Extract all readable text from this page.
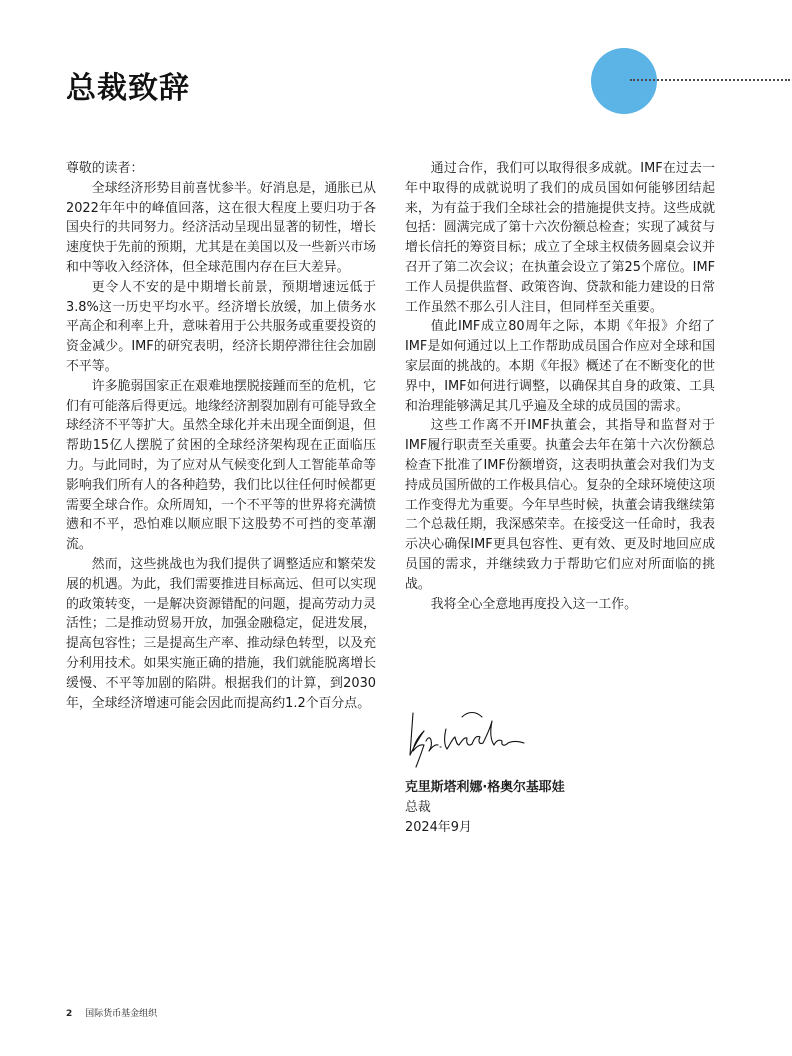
总裁致辞

尊敬的读者：

全球经济形势目前喜忧参半。好消息是，通胀已从2022年年中的峰值回落，这在很大程度上要归功于各国央行的共同努力。经济活动呈现出显著的韧性，增长速度快于先前的预期，尤其是在美国以及一些新兴市场和中等收入经济体，但全球范围内存在巨大差异。

更令人不安的是中期增长前景，预期增速远低于3.8%这一历史平均水平。经济增长放缓，加上债务水平高企和利率上升，意味着用于公共服务或重要投资的资金减少。IMF的研究表明，经济长期停滞往往会加剧不平等。

许多脆弱国家正在艰难地摆脱接踵而至的危机，它们有可能落后得更远。地缘经济割裂加剧有可能导致全球经济不平等扩大。虽然全球化并未出现全面倒退，但帮助15亿人摆脱了贫困的全球经济架构现在正面临压力。与此同时，为了应对从气候变化到人工智能革命等影响我们所有人的各种趋势，我们比以往任何时候都更需要全球合作。众所周知，一个不平等的世界将充满愤懑和不平，恐怕难以顺应眼下这股势不可挡的变革潮流。

然而，这些挑战也为我们提供了调整适应和繁荣发展的机遇。为此，我们需要推进目标高远、但可以实现的政策转变，一是解决资源错配的问题，提高劳动力灵活性；二是推动贸易开放，加强金融稳定，促进发展，提高包容性；三是提高生产率、推动绿色转型，以及充分利用技术。如果实施正确的措施，我们就能脱离增长缓慢、不平等加剧的陷阱。根据我们的计算，到2030年，全球经济增速可能会因此而提高约1.2个百分点。

通过合作，我们可以取得很多成就。IMF在过去一年中取得的成就说明了我们的成员国如何能够团结起来，为有益于我们全球社会的措施提供支持。这些成就包括：圆满完成了第十六次份额总检查；实现了减贫与增长信托的筹资目标；成立了全球主权债务圆桌会议并召开了第二次会议；在执董会设立了第25个席位。IMF工作人员提供监督、政策咨询、贷款和能力建设的日常工作虽然不那么引人注目，但同样至关重要。

值此IMF成立80周年之际，本期《年报》介绍了IMF是如何通过以上工作帮助成员国合作应对全球和国家层面的挑战的。本期《年报》概述了在不断变化的世界中，IMF如何进行调整，以确保其自身的政策、工具和治理能够满足其几乎遍及全球的成员国的需求。

这些工作离不开IMF执董会，其指导和监督对于IMF履行职责至关重要。执董会去年在第十六次份额总检查下批准了IMF份额增资，这表明执董会对我们为支持成员国所做的工作极具信心。复杂的全球环境使这项工作变得尤为重要。今年早些时候，执董会请我继续第二个总裁任期，我深感荣幸。在接受这一任命时，我表示决心确保IMF更具包容性、更有效、更及时地回应成员国的需求，并继续致力于帮助它们应对所面临的挑战。

我将全心全意地再度投入这一工作。

克里斯塔利娜·格奥尔基耶娃
总裁
2024年9月
2 国际货币基金组织
